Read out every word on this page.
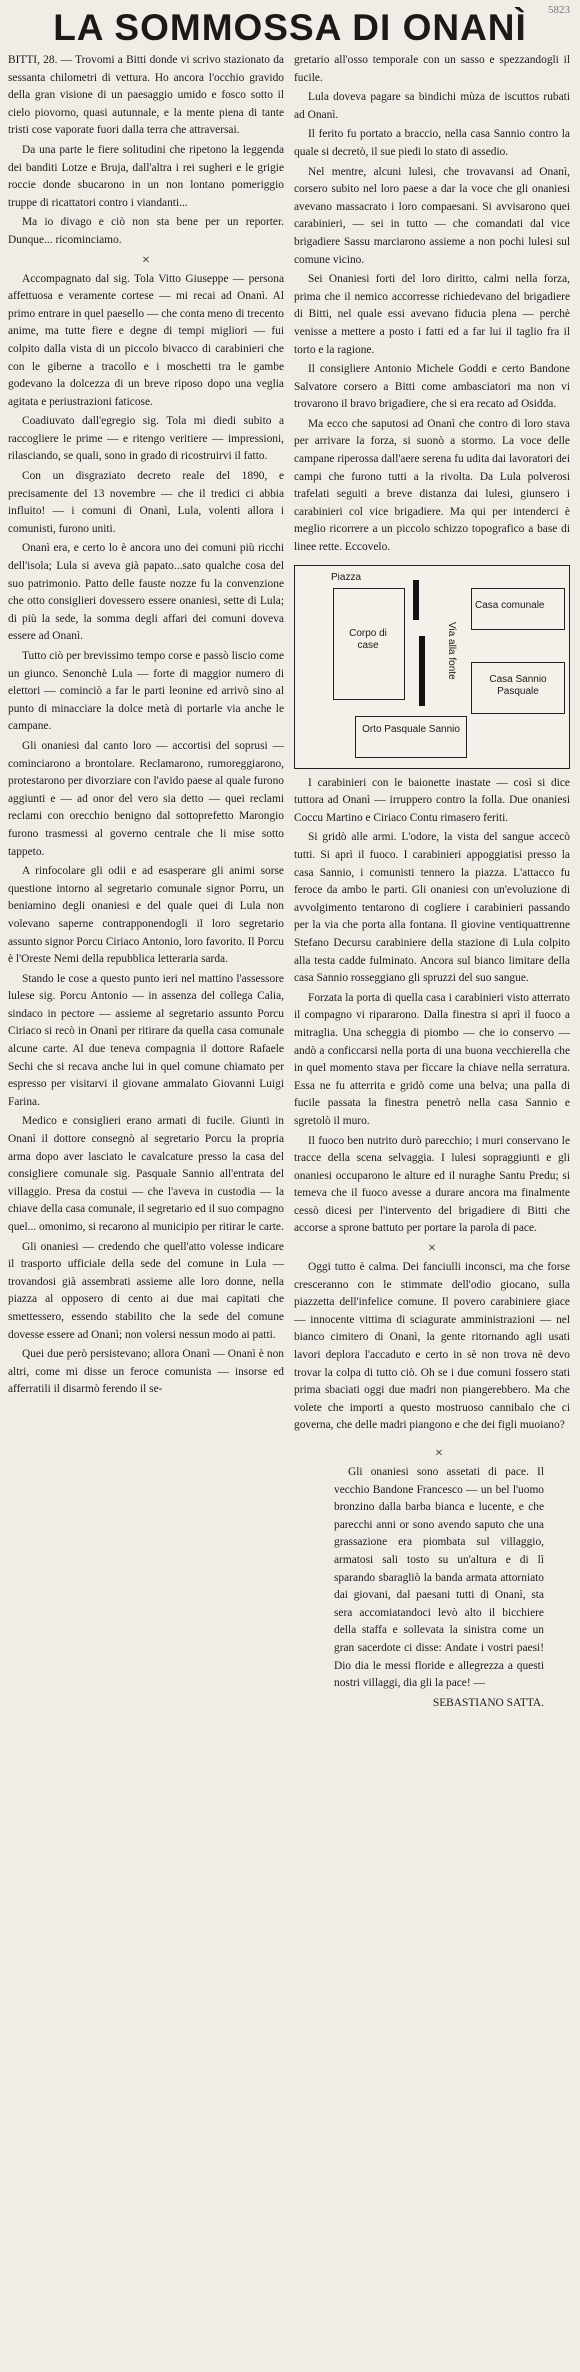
5823
LA SOMMOSSA DI ONANÌ

BITTI, 28. — Trovomi a Bitti donde vi scrivo stazionato da sessanta chilometri di vettura. Ho ancora l'occhio gravido della gran visione di un paesaggio umido e fosco sotto il cielo piovorno, quasi autunnale, e la mente piena di tante tristi cose vaporate fuori dalla terra che attraversai.

Da una parte le fiere solitudini che ripetono la leggenda dei banditi Lotze e Bruja, dall'altra i rei sugheri e le grigie roccie donde sbucarono in un non lontano pomeriggio truppe di ricattatori contro i viandanti...

Ma io divago e ciò non sta bene per un reporter. Dunque... ricominciamo.

×

Accompagnato dal sig. Tola Vitto Giuseppe — persona affettuosa e veramente cortese — mi recai ad Onanì. Al primo entrare in quel paesello — che conta meno di trecento anime, ma tutte fiere e degne di tempi migliori — fui colpito dalla vista di un piccolo bivacco di carabinieri che con le giberne a tracollo e i moschetti tra le gambe godevano la dolcezza di un breve riposo dopo una veglia agitata e periustrazioni faticose.

Coadiuvato dall'egregio sig. Tola mi diedi subito a raccogliere le prime — e ritengo veritiere — impressioni, rilasciando, se quali, sono in grado di ricostruirvi il fatto.

Con un disgraziato decreto reale del 1890, e precisamente del 13 novembre — che il tredici ci abbia influito! — i comuni di Onanì, Lula, volenti allora i comunisti, furono uniti.

Onanì era, e certo lo è ancora uno dei comuni più ricchi dell'isola; Lula si aveva già papato...sato qualche cosa del suo patrimonio. Patto delle fauste nozze fu la convenzione che otto consiglieri dovessero essere onaniesi, sette di Lula; di più la sede, la somma degli affari dei comuni doveva essere ad Onanì.

Tutto ciò per brevissimo tempo corse e passò liscio come un giunco. Senonchè Lula — forte di maggior numero di elettori — cominciò a far le parti leonine ed arrivò sino al punto di minacciare la dolce metà di portarle via anche le campane.

Gli onaniesi dal canto loro — accortisi del soprusi — cominciarono a brontolare. Reclamarono, rumoreggiarono, protestarono per divorziare con l'avido paese al quale furono aggiunti e — ad onor del vero sia detto — quei reclami reclami con orecchio benigno dal sottoprefetto Marongio furono trasmessi al governo centrale che li mise sotto tappeto.

A rinfocolare gli odii e ad esasperare gli animi sorse questione intorno al segretario comunale signor Porru, un beniamino degli onaniesi e del quale quei di Lula non volevano saperne contrapponendogli il loro segretario assunto signor Porcu Ciriaco Antonio, loro favorito. Il Porcu è l'Oreste Nemi della repubblica letteraria sarda.

Stando le cose a questo punto ieri nel mattino l'assessore lulese sig. Porcu Antonio — in assenza del collega Calia, sindaco in pectore — assieme al segretario assunto Porcu Ciriaco si recò in Onanì per ritirare da quella casa comunale alcune carte. Al due teneva compagnia il dottore Rafaele Sechi che si recava anche lui in quel comune chiamato per espresso per visitarvi il giovane ammalato Giovanni Luigi Farina.

Medico e consiglieri erano armati di fucile. Giunti in Onanì il dottore consegnò al segretario Porcu la propria arma dopo aver lasciato le cavalcature presso la casa del consigliere comunale sig. Pasquale Sannio all'entrata del villaggio. Presa da costui — che l'aveva in custodia — la chiave della casa comunale, il segretario ed il suo compagno quel... omonimo, si recarono al municipio per ritirar le carte.

Gli onaniesi — credendo che quell'atto volesse indicare il trasporto ufficiale della sede del comune in Lula — trovandosi già assembrati assieme alle loro donne, nella piazza al opposero di cento ai due mai capitati che smettessero, essendo stabilito che la sede del comune dovesse essere ad Onanì; non volersi nessun modo ai patti.

Quei due però persistevano; allora Onanì — Onanì è non altri, come mi disse un feroce comunista — insorse ed afferratili il disarmò ferendo il se-

gretario all'osso temporale con un sasso e spezzandogli il fucile.

Lula doveva pagare sa bindichi mùza de iscuttos rubati ad Onanì.

Il ferito fu portato a braccio, nella casa Sannio contro la quale si decretò, il sue piedi lo stato di assedio.

Nel mentre, alcuni lulesi, che trovavansi ad Onanì, corsero subito nel loro paese a dar la voce che gli onaniesi avevano massacrato i loro compaesani. Si avvisarono quei carabinieri, — sei in tutto — che comandati dal vice brigadiere Sassu marciarono assieme a non pochi lulesi sul comune vicino.

Sei Onaniesi forti del loro diritto, calmi nella forza, prima che il nemico accorresse richiedevano del brigadiere di Bitti, nel quale essi avevano fiducia plena — perchè venisse a mettere a posto i fatti ed a far lui il taglio fra il torto e la ragione.

Il consigliere Antonio Michele Goddi e certo Bandone Salvatore corsero a Bitti come ambasciatori ma non vi trovarono il bravo brigadiere, che si era recato ad Osidda.

Ma ecco che saputosi ad Onanì che contro di loro stava per arrivare la forza, si suonò a stormo. La voce delle campane riperossa dall'aere serena fu udita dai lavoratori dei campi che furono tutti a la rivolta. Da Lula polverosi trafelati seguiti a breve distanza dai lulesi, giunsero i carabinieri col vice brigadiere. Ma qui per intenderci è meglio ricorrere a un piccolo schizzo topografico a base di linee rette. Eccovelo.

Piazza
Corpo di case	Via alla fonte
Casa comunale
Casa Sannio Pasquale
Orto Pasquale Sannio

I carabinieri con le baionette inastate — così si dice tuttora ad Onanì — irruppero contro la folla. Due onaniesi Coccu Martino e Ciriaco Contu rimasero feriti.

Si gridò alle armi. L'odore, la vista del sangue accecò tutti. Si aprì il fuoco. I carabinieri appoggiatisi presso la casa Sannio, i comunisti tennero la piazza. L'attacco fu feroce da ambo le parti. Gli onaniesi con un'evoluzione di avvolgimento tentarono di cogliere i carabinieri passando per la via che porta alla fontana. Il giovine ventiquattrenne Stefano Decursu carabiniere della stazione di Lula colpito alla testa cadde fulminato. Ancora sul bianco limitare della casa Sannio rosseggiano gli spruzzi del suo sangue.

Forzata la porta di quella casa i carabinieri visto atterrato il compagno vi ripararono. Dalla finestra si aprì il fuoco a mitraglia. Una scheggia di piombo — che io conservo — andò a conficcarsi nella porta di una buona vecchierella che in quel momento stava per ficcare la chiave nella serratura. Essa ne fu atterrita e gridò come una belva; una palla di fucile passata la finestra penetrò nella casa Sannio e sgretolò il muro.

Il fuoco ben nutrito durò parecchio; i muri conservano le tracce della scena selvaggia. I lulesi sopraggiunti e gli onaniesi occuparono le alture ed il nuraghe Santu Predu; si temeva che il fuoco avesse a durare ancora ma finalmente cessò dicesi per l'intervento del brigadiere di Bitti che accorse a sprone battuto per portare la parola di pace.

×

Oggi tutto è calma. Dei fanciulli inconsci, ma che forse cresceranno con le stimmate dell'odio giocano, sulla piazzetta dell'infelice comune. Il povero carabiniere giace — innocente vittima di sciagurate amministrazioni — nel bianco cimitero di Onanì, la gente ritornando agli usati lavori deplora l'accaduto e certo in sè non trova nè devo trovar la colpa di tutto ciò. Oh se i due comuni fossero stati prima sbaciati oggi due madri non piangerebbero. Ma che volete che importi a questo mostruoso cannibalo che ci governa, che delle madri piangono e che dei figli muoiano?

×

Gli onaniesi sono assetati di pace. Il vecchio Bandone Francesco — un bel l'uomo bronzino dalla barba bianca e lucente, e che parecchi anni or sono avendo saputo che una grassazione era piombata sul villaggio, armatosi sali tosto su un'altura e di lì sparando sbaragliò la banda armata attorniato dai giovani, dal paesani tutti di Onanì, sta sera accomiatandoci levò alto il bicchiere della staffa e sollevata la sinistra come un gran sacerdote ci disse: Andate i vostri paesi! Dio dia le messi floride e allegrezza a questi nostri villaggi, dia gli la pace! —

SEBASTIANO SATTA.
